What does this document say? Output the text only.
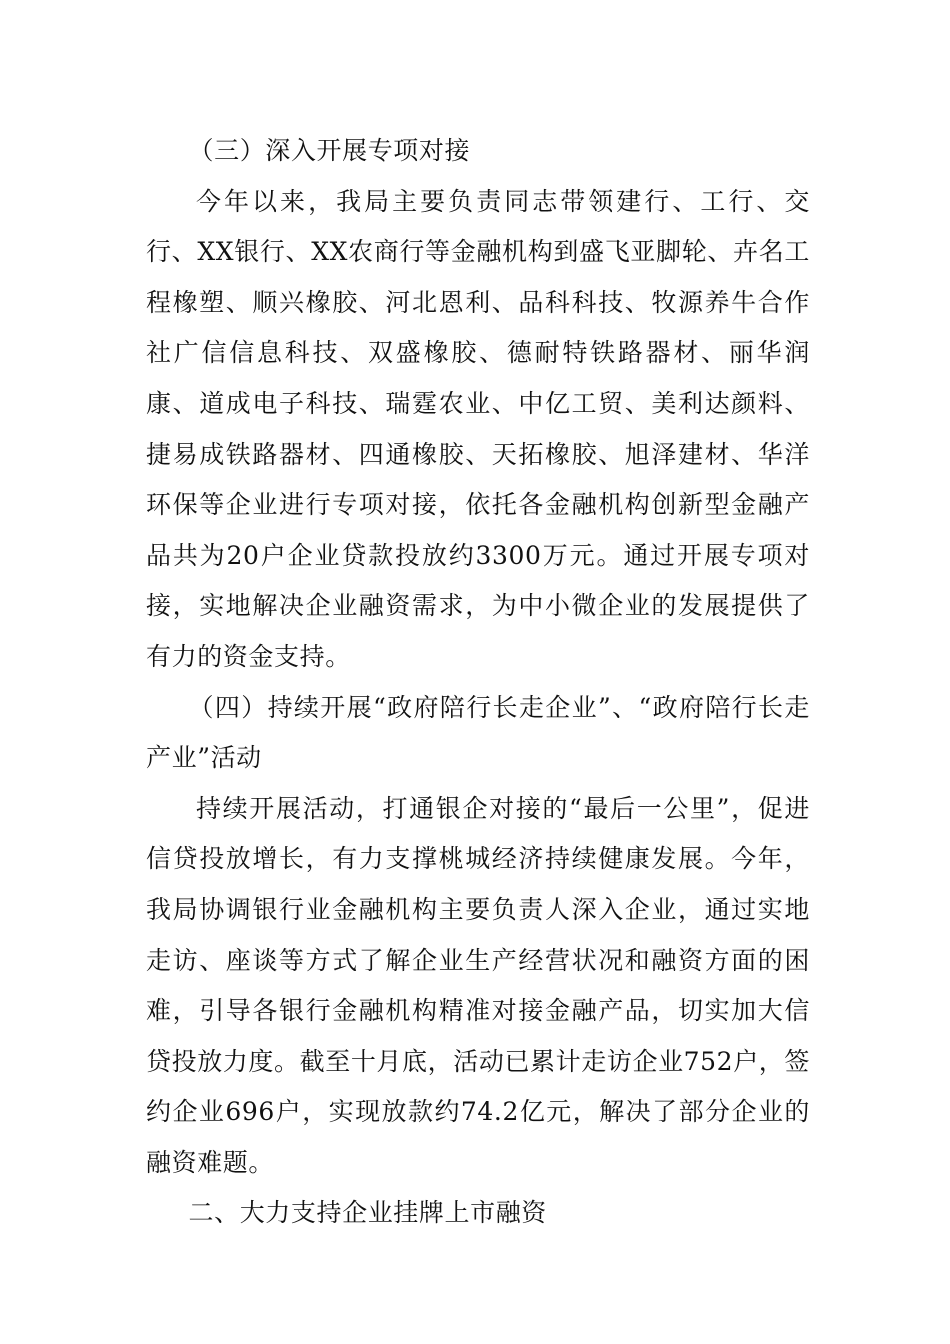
（三）深入开展专项对接

今年以来，我局主要负责同志带领建行、工行、交行、XX银行、XX农商行等金融机构到盛飞亚脚轮、卉名工程橡塑、顺兴橡胶、河北恩利、品科科技、牧源养牛合作社广信信息科技、双盛橡胶、德耐特铁路器材、丽华润康、道成电子科技、瑞霆农业、中亿工贸、美利达颜料、捷易成铁路器材、四通橡胶、天拓橡胶、旭泽建材、华洋环保等企业进行专项对接，依托各金融机构创新型金融产品共为20户企业贷款投放约3300万元。通过开展专项对接，实地解决企业融资需求，为中小微企业的发展提供了有力的资金支持。

（四）持续开展“政府陪行长走企业”、“政府陪行长走产业”活动

持续开展活动，打通银企对接的“最后一公里”，促进信贷投放增长，有力支撑桃城经济持续健康发展。今年，我局协调银行业金融机构主要负责人深入企业，通过实地走访、座谈等方式了解企业生产经营状况和融资方面的困难，引导各银行金融机构精准对接金融产品，切实加大信贷投放力度。截至十月底，活动已累计走访企业752户，签约企业696户，实现放款约74.2亿元，解决了部分企业的融资难题。

二、大力支持企业挂牌上市融资
